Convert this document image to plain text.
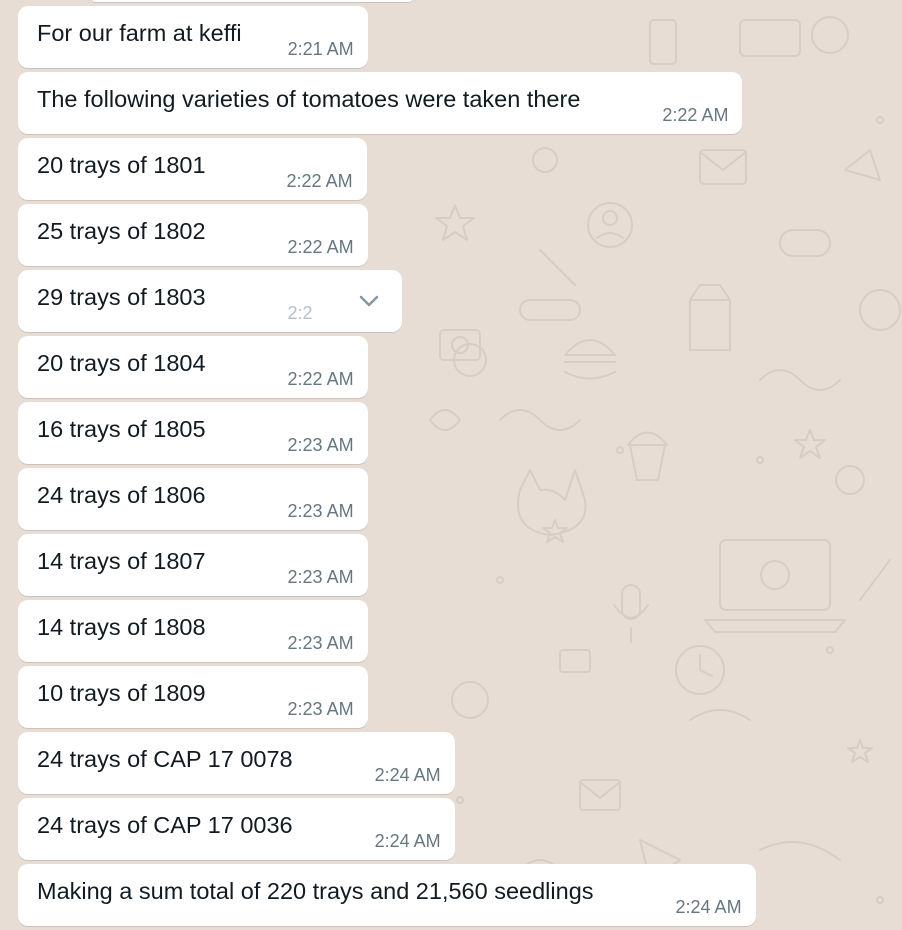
For our farm at keffi2:21 AM
The following varieties of tomatoes were taken there2:22 AM
20 trays of 18012:22 AM
25 trays of 18022:22 AM
29 trays of 18032:2
20 trays of 18042:22 AM
16 trays of 18052:23 AM
24 trays of 18062:23 AM
14 trays of 18072:23 AM
14 trays of 18082:23 AM
10 trays of 18092:23 AM
24 trays of CAP 17 00782:24 AM
24 trays of CAP 17 00362:24 AM
Making a sum total of 220 trays and 21,560 seedlings2:24 AM
